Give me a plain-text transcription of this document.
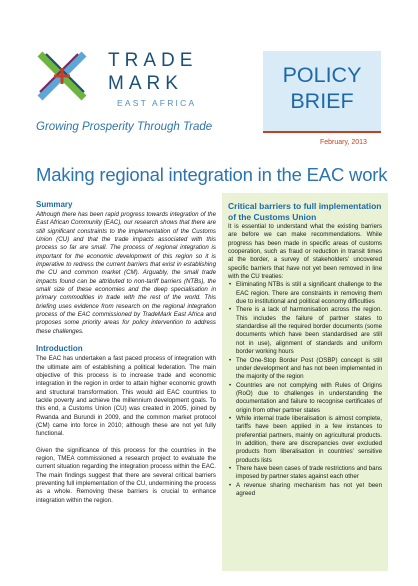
TRADE
MARK
EAST AFRICA
Growing Prosperity Through Trade
POLICY
BRIEF
February, 2013
Making regional integration in the EAC work
Summary

Although there has been rapid progress towards integration of the East African Community (EAC), our research shows that there are still significant constraints to the implementation of the Customs Union (CU) and that the trade impacts associated with this process so far are small. The process of regional integration is important for the economic development of this region so it is imperative to redress the current barriers that exist in establishing the CU and common market (CM). Arguably, the small trade impacts found can be attributed to non-tariff barriers (NTBs), the small size of these economies and the deep specialisation in primary commodities in trade with the rest of the world. This briefing uses evidence from research on the regional integration process of the EAC commissioned by TradeMark East Africa and proposes some priority areas for policy intervention to address these challenges.

Introduction

The EAC has undertaken a fast paced process of integration with the ultimate aim of establishing a political federation. The main objective of this process is to increase trade and economic integration in the region in order to attain higher economic growth and structural transformation. This would aid EAC countries to tackle poverty and achieve the millennium development goals. To this end, a Customs Union (CU) was created in 2005, joined by Rwanda and Burundi in 2009, and the common market protocol (CM) came into force in 2010; although these are not yet fully functional.

Given the significance of this process for the countries in the region, TMEA commissioned a research project to evaluate the current situation regarding the integration process within the EAC. The main findings suggest that there are several critical barriers preventing full implementation of the CU, undermining the process as a whole. Removing these barriers is crucial to enhance integration within the region.

Critical barriers to full implementation of the Customs Union

It is essential to understand what the existing barriers are before we can make recommendations. While progress has been made in specific areas of customs cooperation, such as fraud or reduction in transit times at the border, a survey of stakeholders' uncovered specific barriers that have not yet been removed in line with the CU treaties:

• Eliminating NTBs is still a significant challenge to the EAC region. There are constraints in removing them due to institutional and political economy difficulties
• There is a lack of harmonisation across the region. This includes the failure of partner states to standardise all the required border documents (some documents which have been standardised are still not in use), alignment of standards and uniform border working hours
• The One-Stop Border Post (OSBP) concept is still under development and has not been implemented in the majority of the region
• Countries are not complying with Rules of Origins (RoO) due to challenges in understanding the documentation and failure to recognise certificates of origin from other partner states
• While internal trade liberalisation is almost complete, tariffs have been applied in a few instances to preferential partners, mainly on agricultural products. In addition, there are discrepancies over excluded products from liberalisation in countries' sensitive products lists
• There have been cases of trade restrictions and bans imposed by partner states against each other
• A revenue sharing mechanism has not yet been agreed
